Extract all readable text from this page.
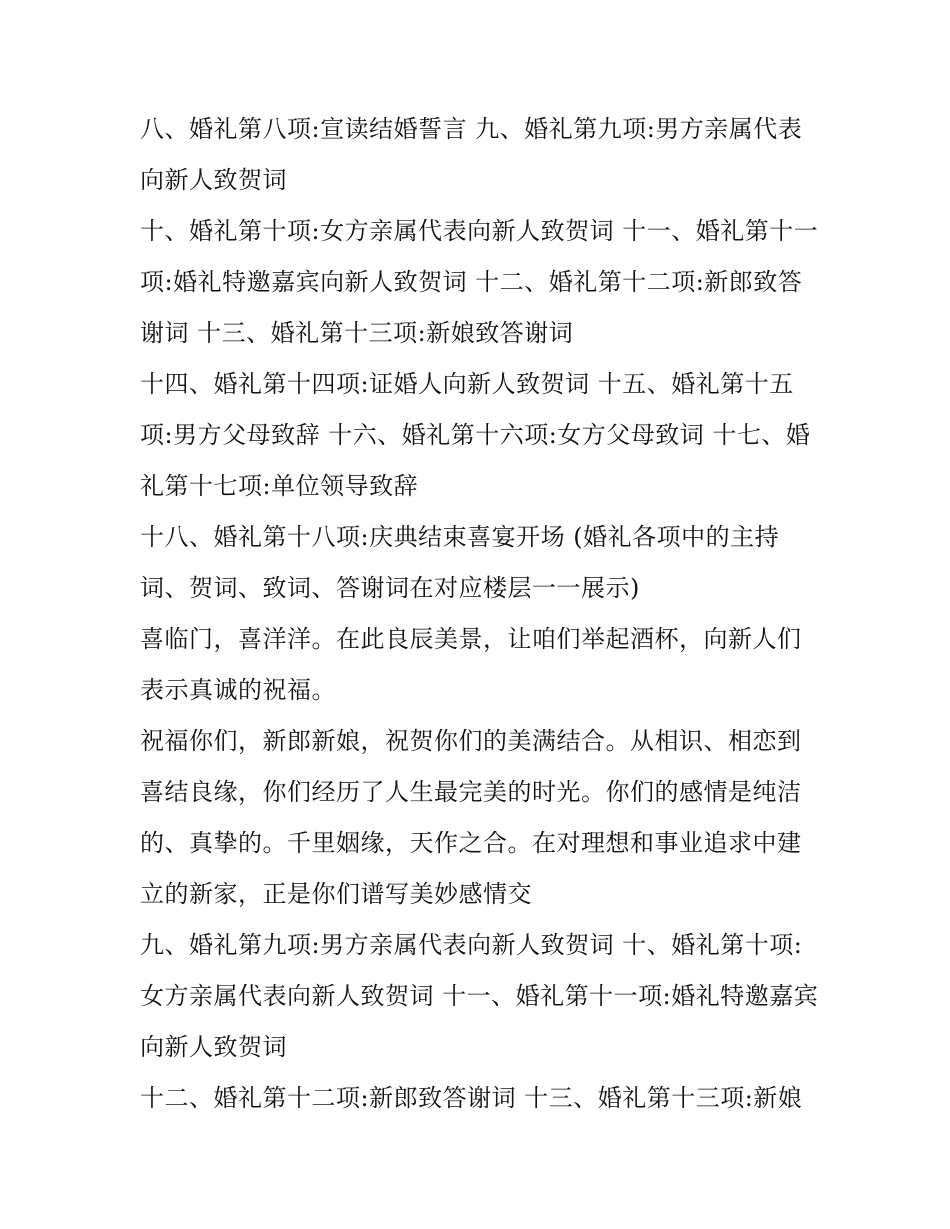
八、婚礼第八项:宣读结婚誓言 九、婚礼第九项:男方亲属代表向新人致贺词

十、婚礼第十项:女方亲属代表向新人致贺词 十一、婚礼第十一项:婚礼特邀嘉宾向新人致贺词 十二、婚礼第十二项:新郎致答谢词 十三、婚礼第十三项:新娘致答谢词

十四、婚礼第十四项:证婚人向新人致贺词 十五、婚礼第十五项:男方父母致辞 十六、婚礼第十六项:女方父母致词 十七、婚礼第十七项:单位领导致辞

十八、婚礼第十八项:庆典结束喜宴开场 (婚礼各项中的主持词、贺词、致词、答谢词在对应楼层一一展示)

喜临门，喜洋洋。在此良辰美景，让咱们举起酒杯，向新人们表示真诚的祝福。

祝福你们，新郎新娘，祝贺你们的美满结合。从相识、相恋到喜结良缘，你们经历了人生最完美的时光。你们的感情是纯洁的、真挚的。千里姻缘，天作之合。在对理想和事业追求中建立的新家，正是你们谱写美妙感情交

九、婚礼第九项:男方亲属代表向新人致贺词 十、婚礼第十项:女方亲属代表向新人致贺词 十一、婚礼第十一项:婚礼特邀嘉宾向新人致贺词

十二、婚礼第十二项:新郎致答谢词 十三、婚礼第十三项:新娘
